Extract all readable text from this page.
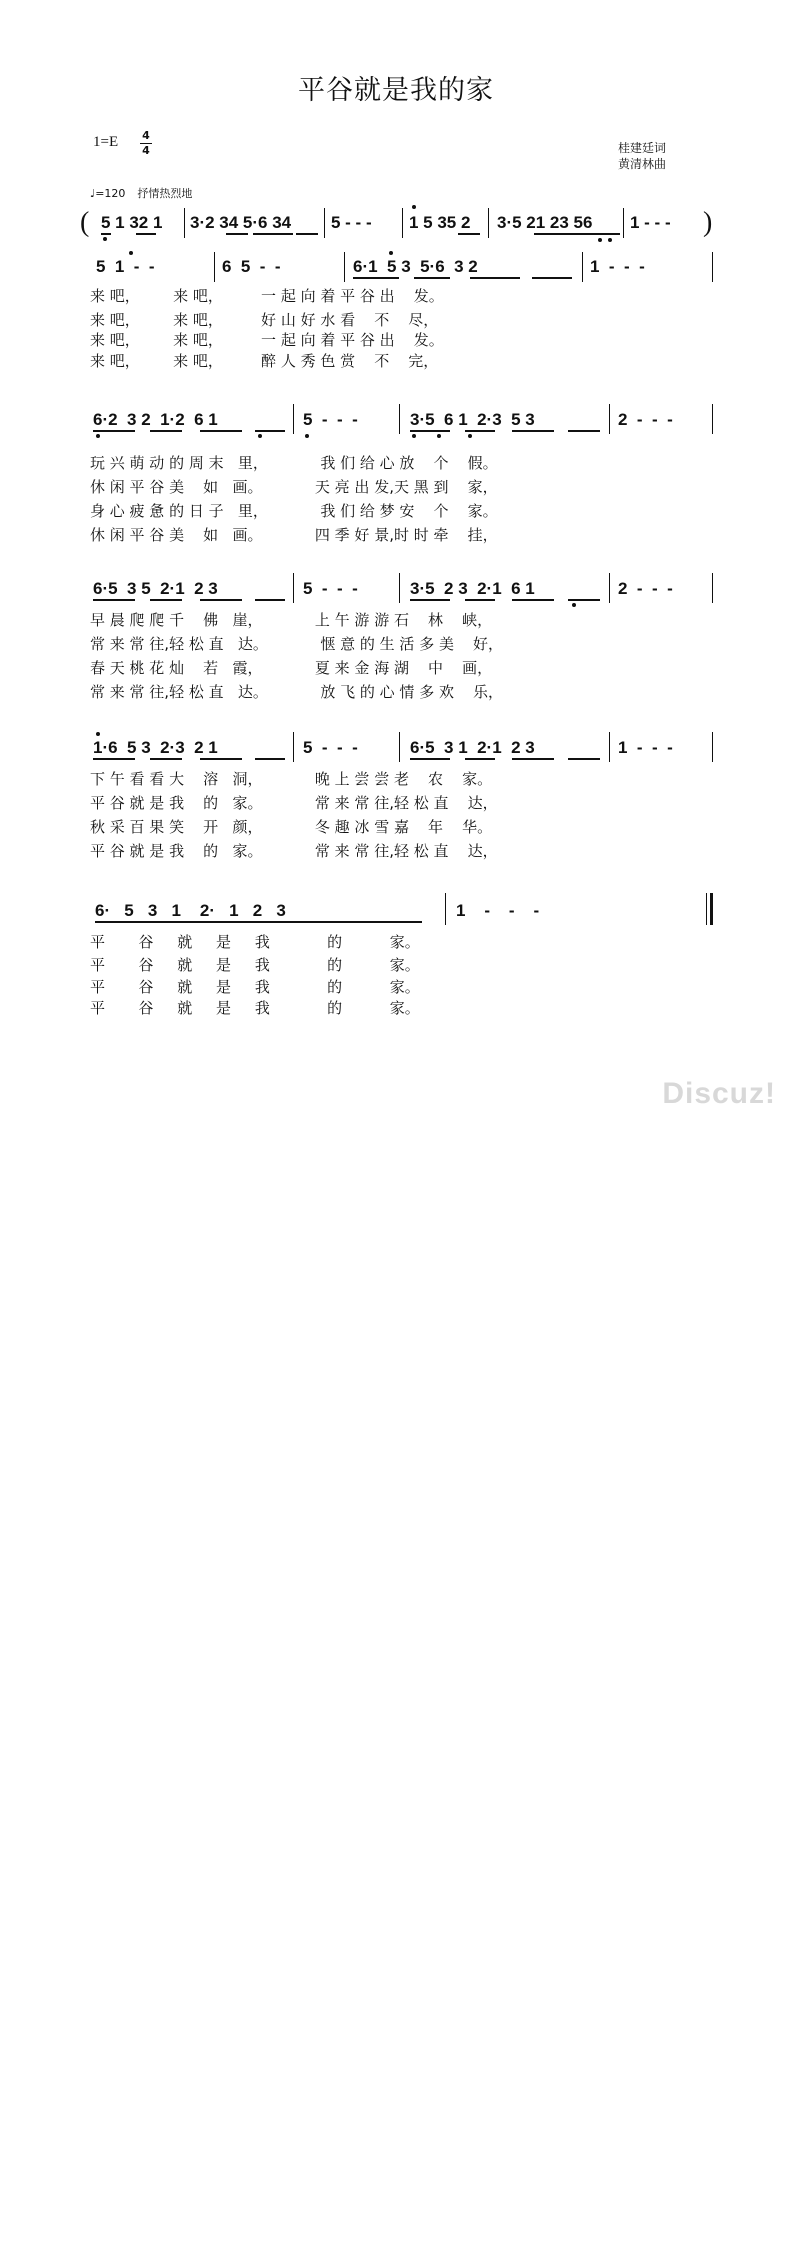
平谷就是我的家
1=E 4
4	桂建廷词
黄清林曲
♩=120 抒情热烈地
( 5 1 32 1 3·2 34 5·6 34 5 - - - 1 5 35 2 3·5 21 23 56 1 - - - )
5  1  -  -	6  5  -  -	6·1  5 3  5·6  3 2	1  -  -  -
来 吧，       来 吧，        一 起 向 着 平 谷 出    发。
来 吧，       来 吧，        好 山 好 水 看    不    尽，
来 吧，       来 吧，        一 起 向 着 平 谷 出    发。
来 吧，       来 吧，        醉 人 秀 色 赏    不    完，
6·2  3 2  1·2  6 1	5  -  -  -	3·5  6 1  2·3  5 3	2  -  -  -
玩 兴 萌 动 的 周 末   里，           我 们 给 心 放    个    假。
休 闲 平 谷 美    如   画。           天 亮 出 发,天 黑 到    家，
身 心 疲 惫 的 日 子   里，           我 们 给 梦 安    个    家。
休 闲 平 谷 美    如   画。           四 季 好 景,时 时 牵    挂，
6·5  3 5  2·1  2 3	5  -  -  -	3·5  2 3  2·1  6 1	2  -  -  -
早 晨 爬 爬 千    佛   崖，           上 午 游 游 石    林    峡，
常 来 常 往,轻 松 直   达。           惬 意 的 生 活 多 美    好，
春 天 桃 花 灿    若   霞，           夏 来 金 海 湖    中    画，
常 来 常 往,轻 松 直   达。           放 飞 的 心 情 多 欢    乐，
1·6  5 3  2·3  2 1	5  -  -  -	6·5  3 1  2·1  2 3	1  -  -  -
下 午 看 看 大    溶   洞，           晚 上 尝 尝 老    农    家。
平 谷 就 是 我    的   家。           常 来 常 往,轻 松 直    达，
秋 采 百 果 笑    开   颜，           冬 趣 冰 雪 嘉    年    华。
平 谷 就 是 我    的   家。           常 来 常 往,轻 松 直    达，
6·   5   3   1    2·   1   2   3	1    -    -    -
平       谷     就     是     我            的          家。
平       谷     就     是     我            的          家。
平       谷     就     是     我            的          家。
平       谷     就     是     我            的          家。
Discuz!
